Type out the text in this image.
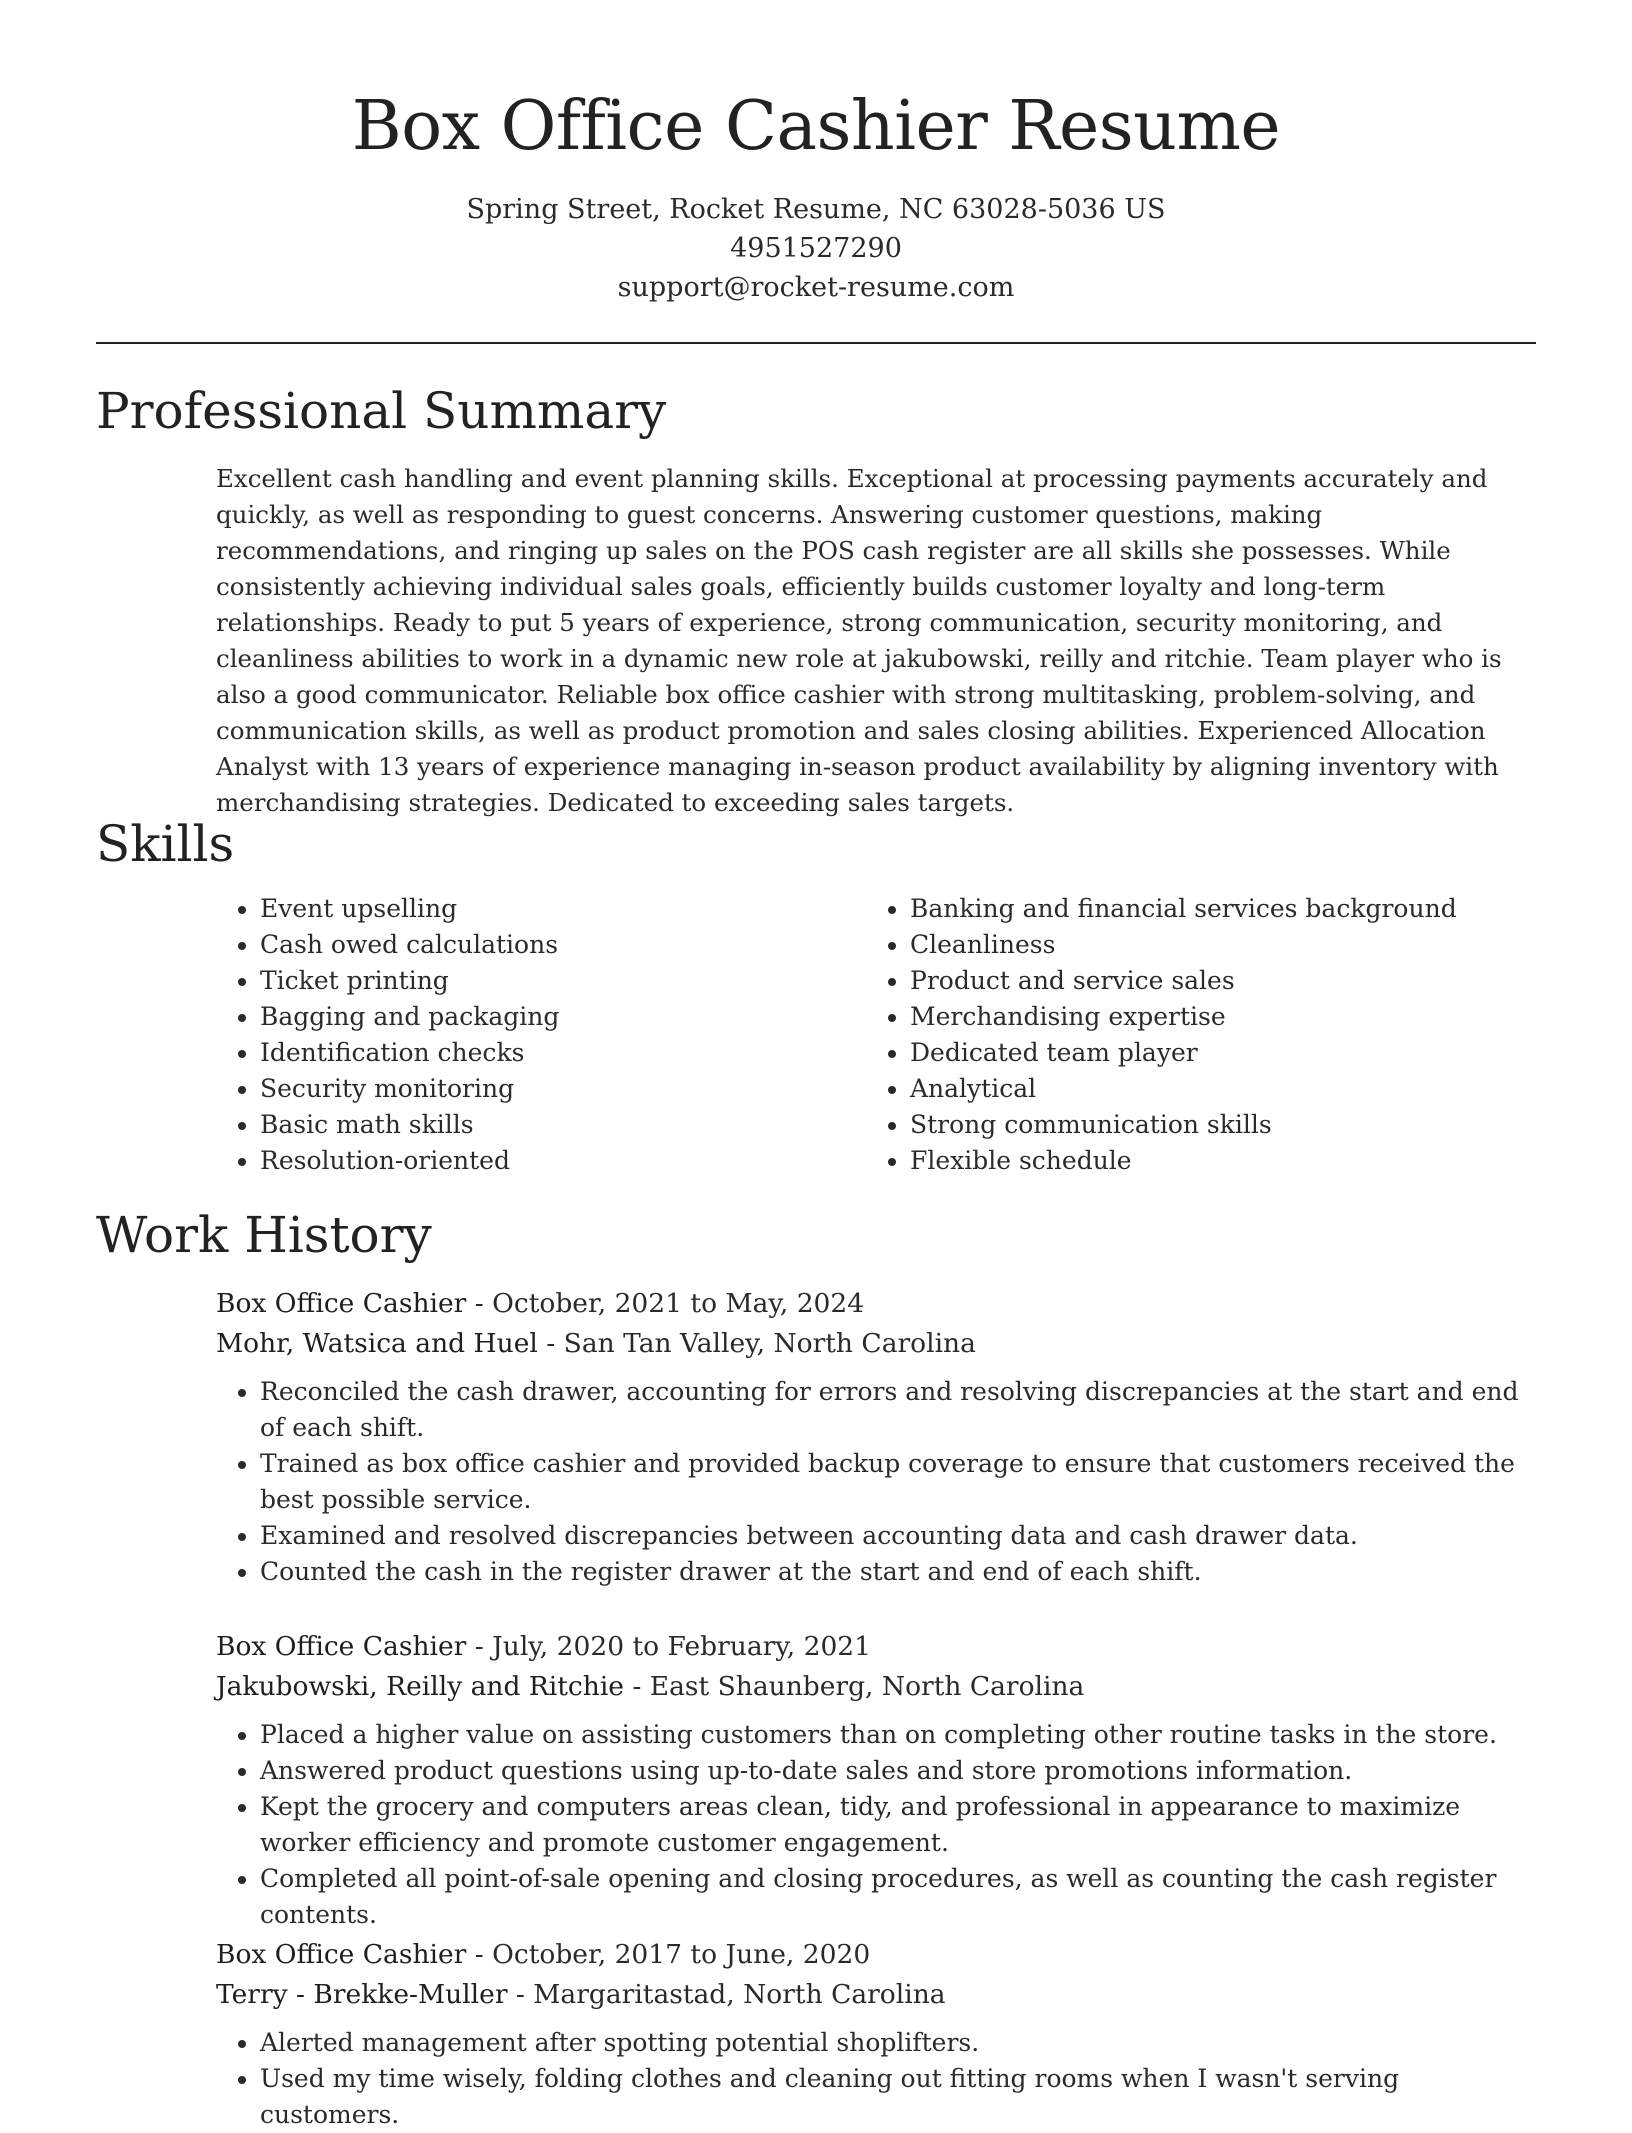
Box Office Cashier Resume
Spring Street, Rocket Resume, NC 63028-5036 US
4951527290
support@rocket-resume.com
Professional Summary

Excellent cash handling and event planning skills. Exceptional at processing payments accurately and quickly, as well as responding to guest concerns. Answering customer questions, making recommendations, and ringing up sales on the POS cash register are all skills she possesses. While consistently achieving individual sales goals, efficiently builds customer loyalty and long-term relationships. Ready to put 5 years of experience, strong communication, security monitoring, and cleanliness abilities to work in a dynamic new role at jakubowski, reilly and ritchie. Team player who is also a good communicator. Reliable box office cashier with strong multitasking, problem-solving, and communication skills, as well as product promotion and sales closing abilities. Experienced Allocation Analyst with 13 years of experience managing in-season product availability by aligning inventory with merchandising strategies. Dedicated to exceeding sales targets.

Skills
• Event upselling
• Cash owed calculations
• Ticket printing
• Bagging and packaging
• Identification checks
• Security monitoring
• Basic math skills
• Resolution-oriented
• Banking and financial services background
• Cleanliness
• Product and service sales
• Merchandising expertise
• Dedicated team player
• Analytical
• Strong communication skills
• Flexible schedule
Work History
Box Office Cashier - October, 2021 to May, 2024
Mohr, Watsica and Huel - San Tan Valley, North Carolina
• Reconciled the cash drawer, accounting for errors and resolving discrepancies at the start and end of each shift.
• Trained as box office cashier and provided backup coverage to ensure that customers received the best possible service.
• Examined and resolved discrepancies between accounting data and cash drawer data.
• Counted the cash in the register drawer at the start and end of each shift.
Box Office Cashier - July, 2020 to February, 2021
Jakubowski, Reilly and Ritchie - East Shaunberg, North Carolina
• Placed a higher value on assisting customers than on completing other routine tasks in the store.
• Answered product questions using up-to-date sales and store promotions information.
• Kept the grocery and computers areas clean, tidy, and professional in appearance to maximize worker efficiency and promote customer engagement.
• Completed all point-of-sale opening and closing procedures, as well as counting the cash register contents.
Box Office Cashier - October, 2017 to June, 2020
Terry - Brekke-Muller - Margaritastad, North Carolina
• Alerted management after spotting potential shoplifters.
• Used my time wisely, folding clothes and cleaning out fitting rooms when I wasn't serving customers.
